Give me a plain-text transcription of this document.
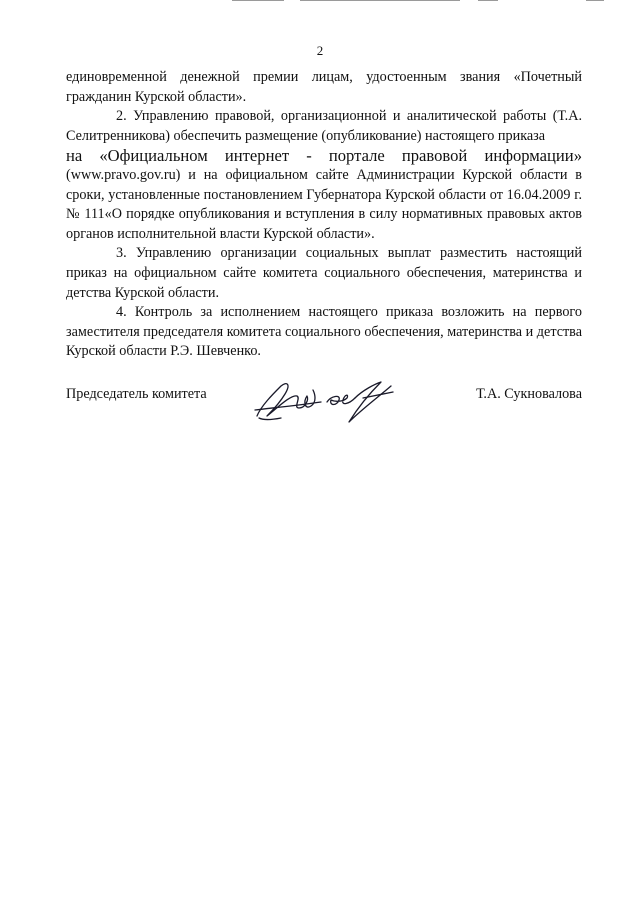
2

единовременной денежной премии лицам, удостоенным звания «Почетный гражданин Курской области».

2. Управлению правовой, организационной и аналитической работы (Т.А. Селитренникова) обеспечить размещение (опубликование) настоящего приказа

на «Официальном интернет - портале правовой информации»

(www.pravo.gov.ru) и на официальном сайте Администрации Курской области в сроки, установленные постановлением Губернатора Курской области от 16.04.2009 г. № 111«О порядке опубликования и вступления в силу нормативных правовых актов органов исполнительной власти Курской области».

3. Управлению организации социальных выплат разместить настоящий приказ на официальном сайте комитета социального обеспечения, материнства и детства Курской области.

4. Контроль за исполнением настоящего приказа возложить на первого заместителя председателя комитета социального обеспечения, материнства и детства Курской области Р.Э. Шевченко.

Председатель комитета	Т.А. Сукновалова
